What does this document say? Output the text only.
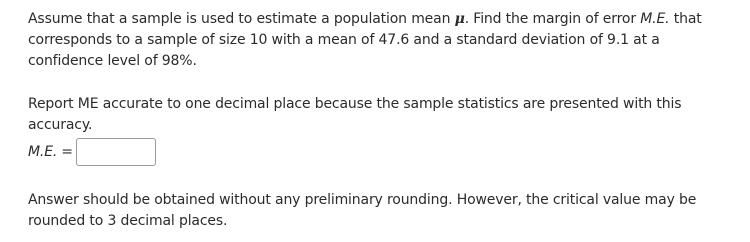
Assume that a sample is used to estimate a population mean μ. Find the margin of error M.E. that corresponds to a sample of size 10 with a mean of 47.6 and a standard deviation of 9.1 at a confidence level of 98%.
Report ME accurate to one decimal place because the sample statistics are presented with this accuracy.
M.E. =
Answer should be obtained without any preliminary rounding. However, the critical value may be rounded to 3 decimal places.
